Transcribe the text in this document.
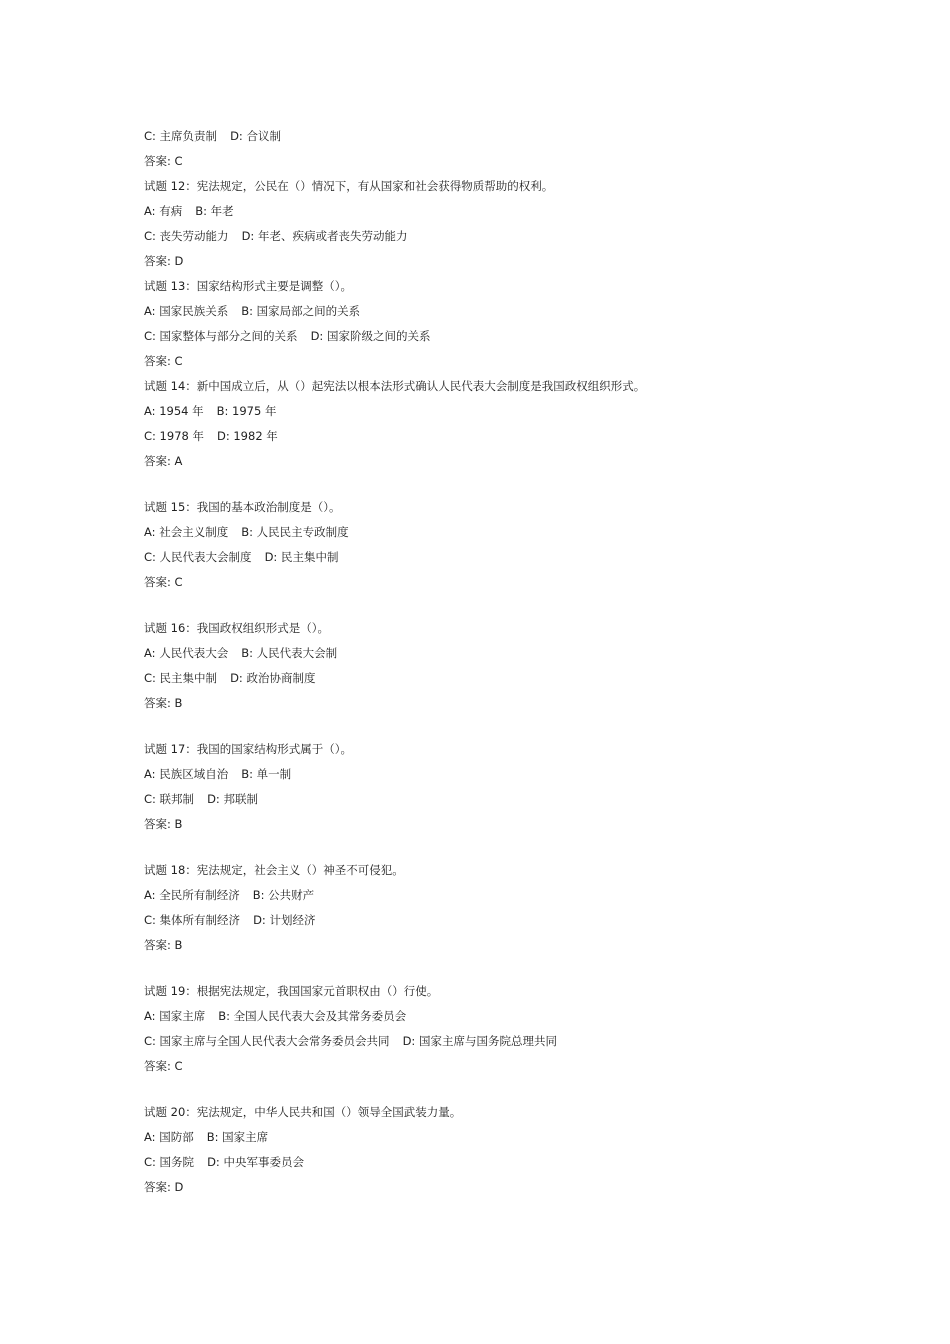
C: 主席负责制 D: 合议制
答案: C
试题 12：宪法规定，公民在（）情况下，有从国家和社会获得物质帮助的权利。
A: 有病 B: 年老
C: 丧失劳动能力 D: 年老、疾病或者丧失劳动能力
答案: D
试题 13：国家结构形式主要是调整（）。
A: 国家民族关系 B: 国家局部之间的关系
C: 国家整体与部分之间的关系 D: 国家阶级之间的关系
答案: C
试题 14：新中国成立后，从（）起宪法以根本法形式确认人民代表大会制度是我国政权组织形式。
A: 1954 年 B: 1975 年
C: 1978 年 D: 1982 年
答案: A
试题 15：我国的基本政治制度是（）。
A: 社会主义制度 B: 人民民主专政制度
C: 人民代表大会制度 D: 民主集中制
答案: C
试题 16：我国政权组织形式是（）。
A: 人民代表大会 B: 人民代表大会制
C: 民主集中制 D: 政治协商制度
答案: B
试题 17：我国的国家结构形式属于（）。
A: 民族区域自治 B: 单一制
C: 联邦制 D: 邦联制
答案: B
试题 18：宪法规定，社会主义（）神圣不可侵犯。
A: 全民所有制经济 B: 公共财产
C: 集体所有制经济 D: 计划经济
答案: B
试题 19：根据宪法规定，我国国家元首职权由（）行使。
A: 国家主席 B: 全国人民代表大会及其常务委员会
C: 国家主席与全国人民代表大会常务委员会共同 D: 国家主席与国务院总理共同
答案: C
试题 20：宪法规定，中华人民共和国（）领导全国武装力量。
A: 国防部 B: 国家主席
C: 国务院 D: 中央军事委员会
答案: D
